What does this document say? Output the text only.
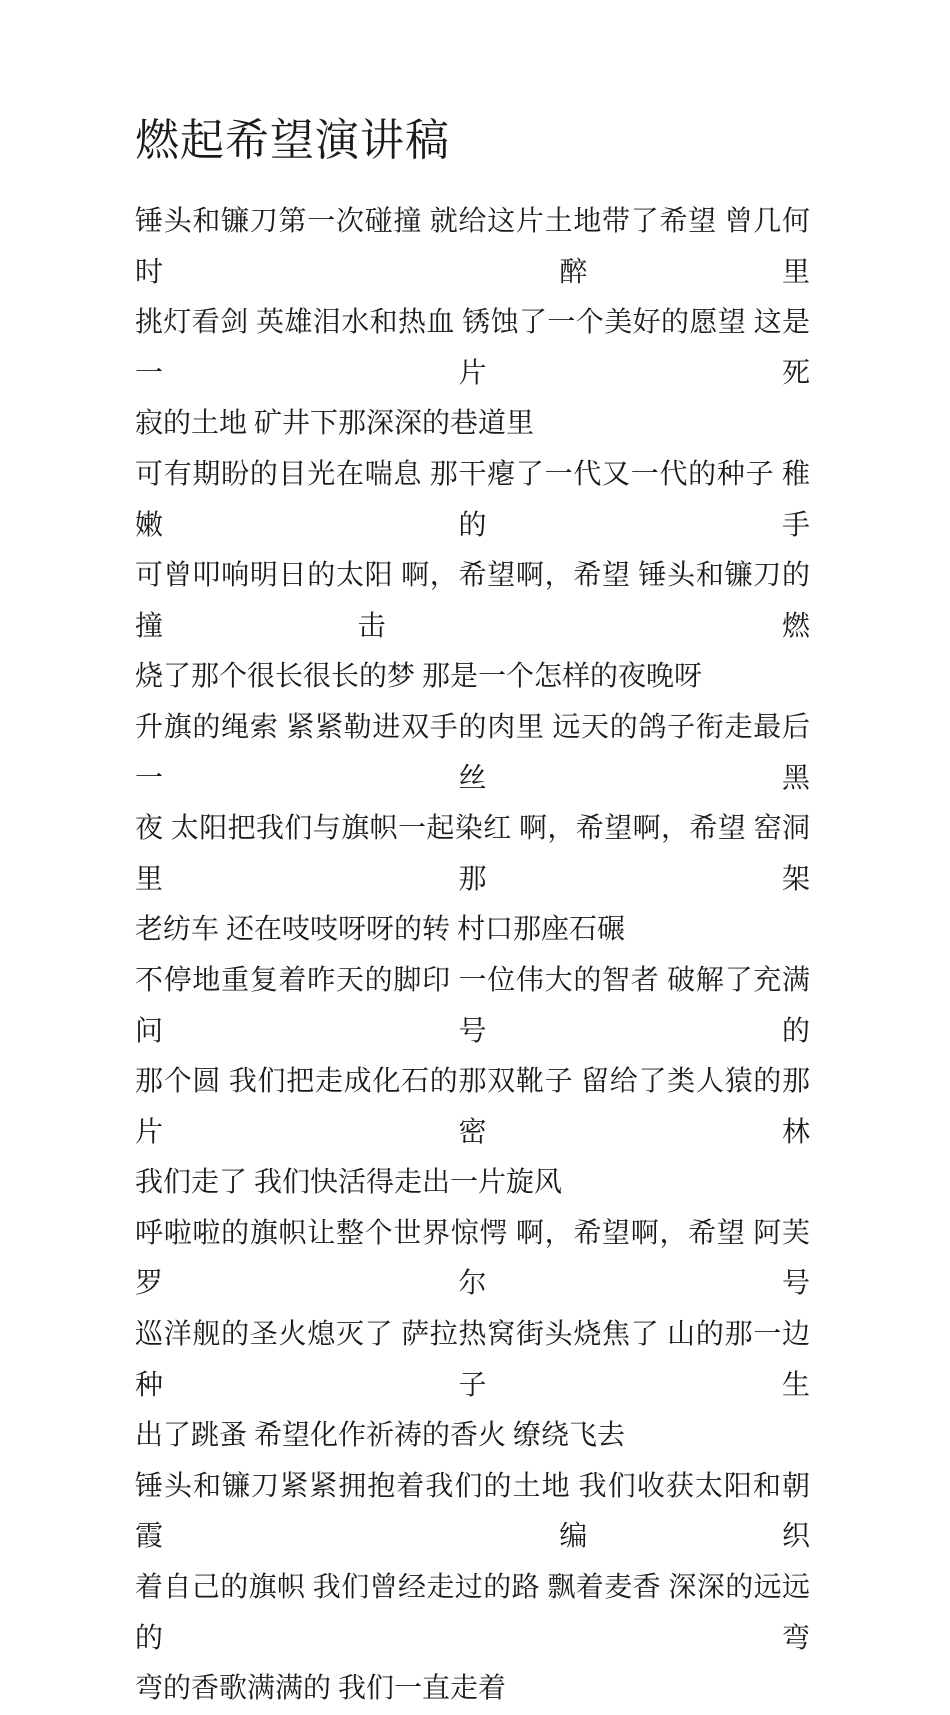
燃起希望演讲稿
锤头和镰刀第一次碰撞 就给这片土地带了希望 曾几何时 醉里
挑灯看剑 英雄泪水和热血 锈蚀了一个美好的愿望 这是一片死
寂的土地 矿井下那深深的巷道里
可有期盼的目光在喘息 那干瘪了一代又一代的种子 稚嫩的手
可曾叩响明日的太阳 啊，希望啊，希望 锤头和镰刀的撞击 燃
烧了那个很长很长的梦 那是一个怎样的夜晚呀
升旗的绳索 紧紧勒进双手的肉里 远天的鸽子衔走最后一丝黑
夜 太阳把我们与旗帜一起染红 啊，希望啊，希望 窑洞里那架
老纺车 还在吱吱呀呀的转 村口那座石碾
不停地重复着昨天的脚印 一位伟大的智者 破解了充满问号的
那个圆 我们把走成化石的那双靴子 留给了类人猿的那片密林
我们走了 我们快活得走出一片旋风
呼啦啦的旗帜让整个世界惊愕 啊，希望啊，希望 阿芙罗尔号
巡洋舰的圣火熄灭了 萨拉热窝街头烧焦了 山的那一边 种子生
出了跳蚤 希望化作祈祷的香火 缭绕飞去
锤头和镰刀紧紧拥抱着我们的土地 我们收获太阳和朝霞 编织
着自己的旗帜 我们曾经走过的路 飘着麦香 深深的远远的 弯
弯的香歌满满的 我们一直走着
